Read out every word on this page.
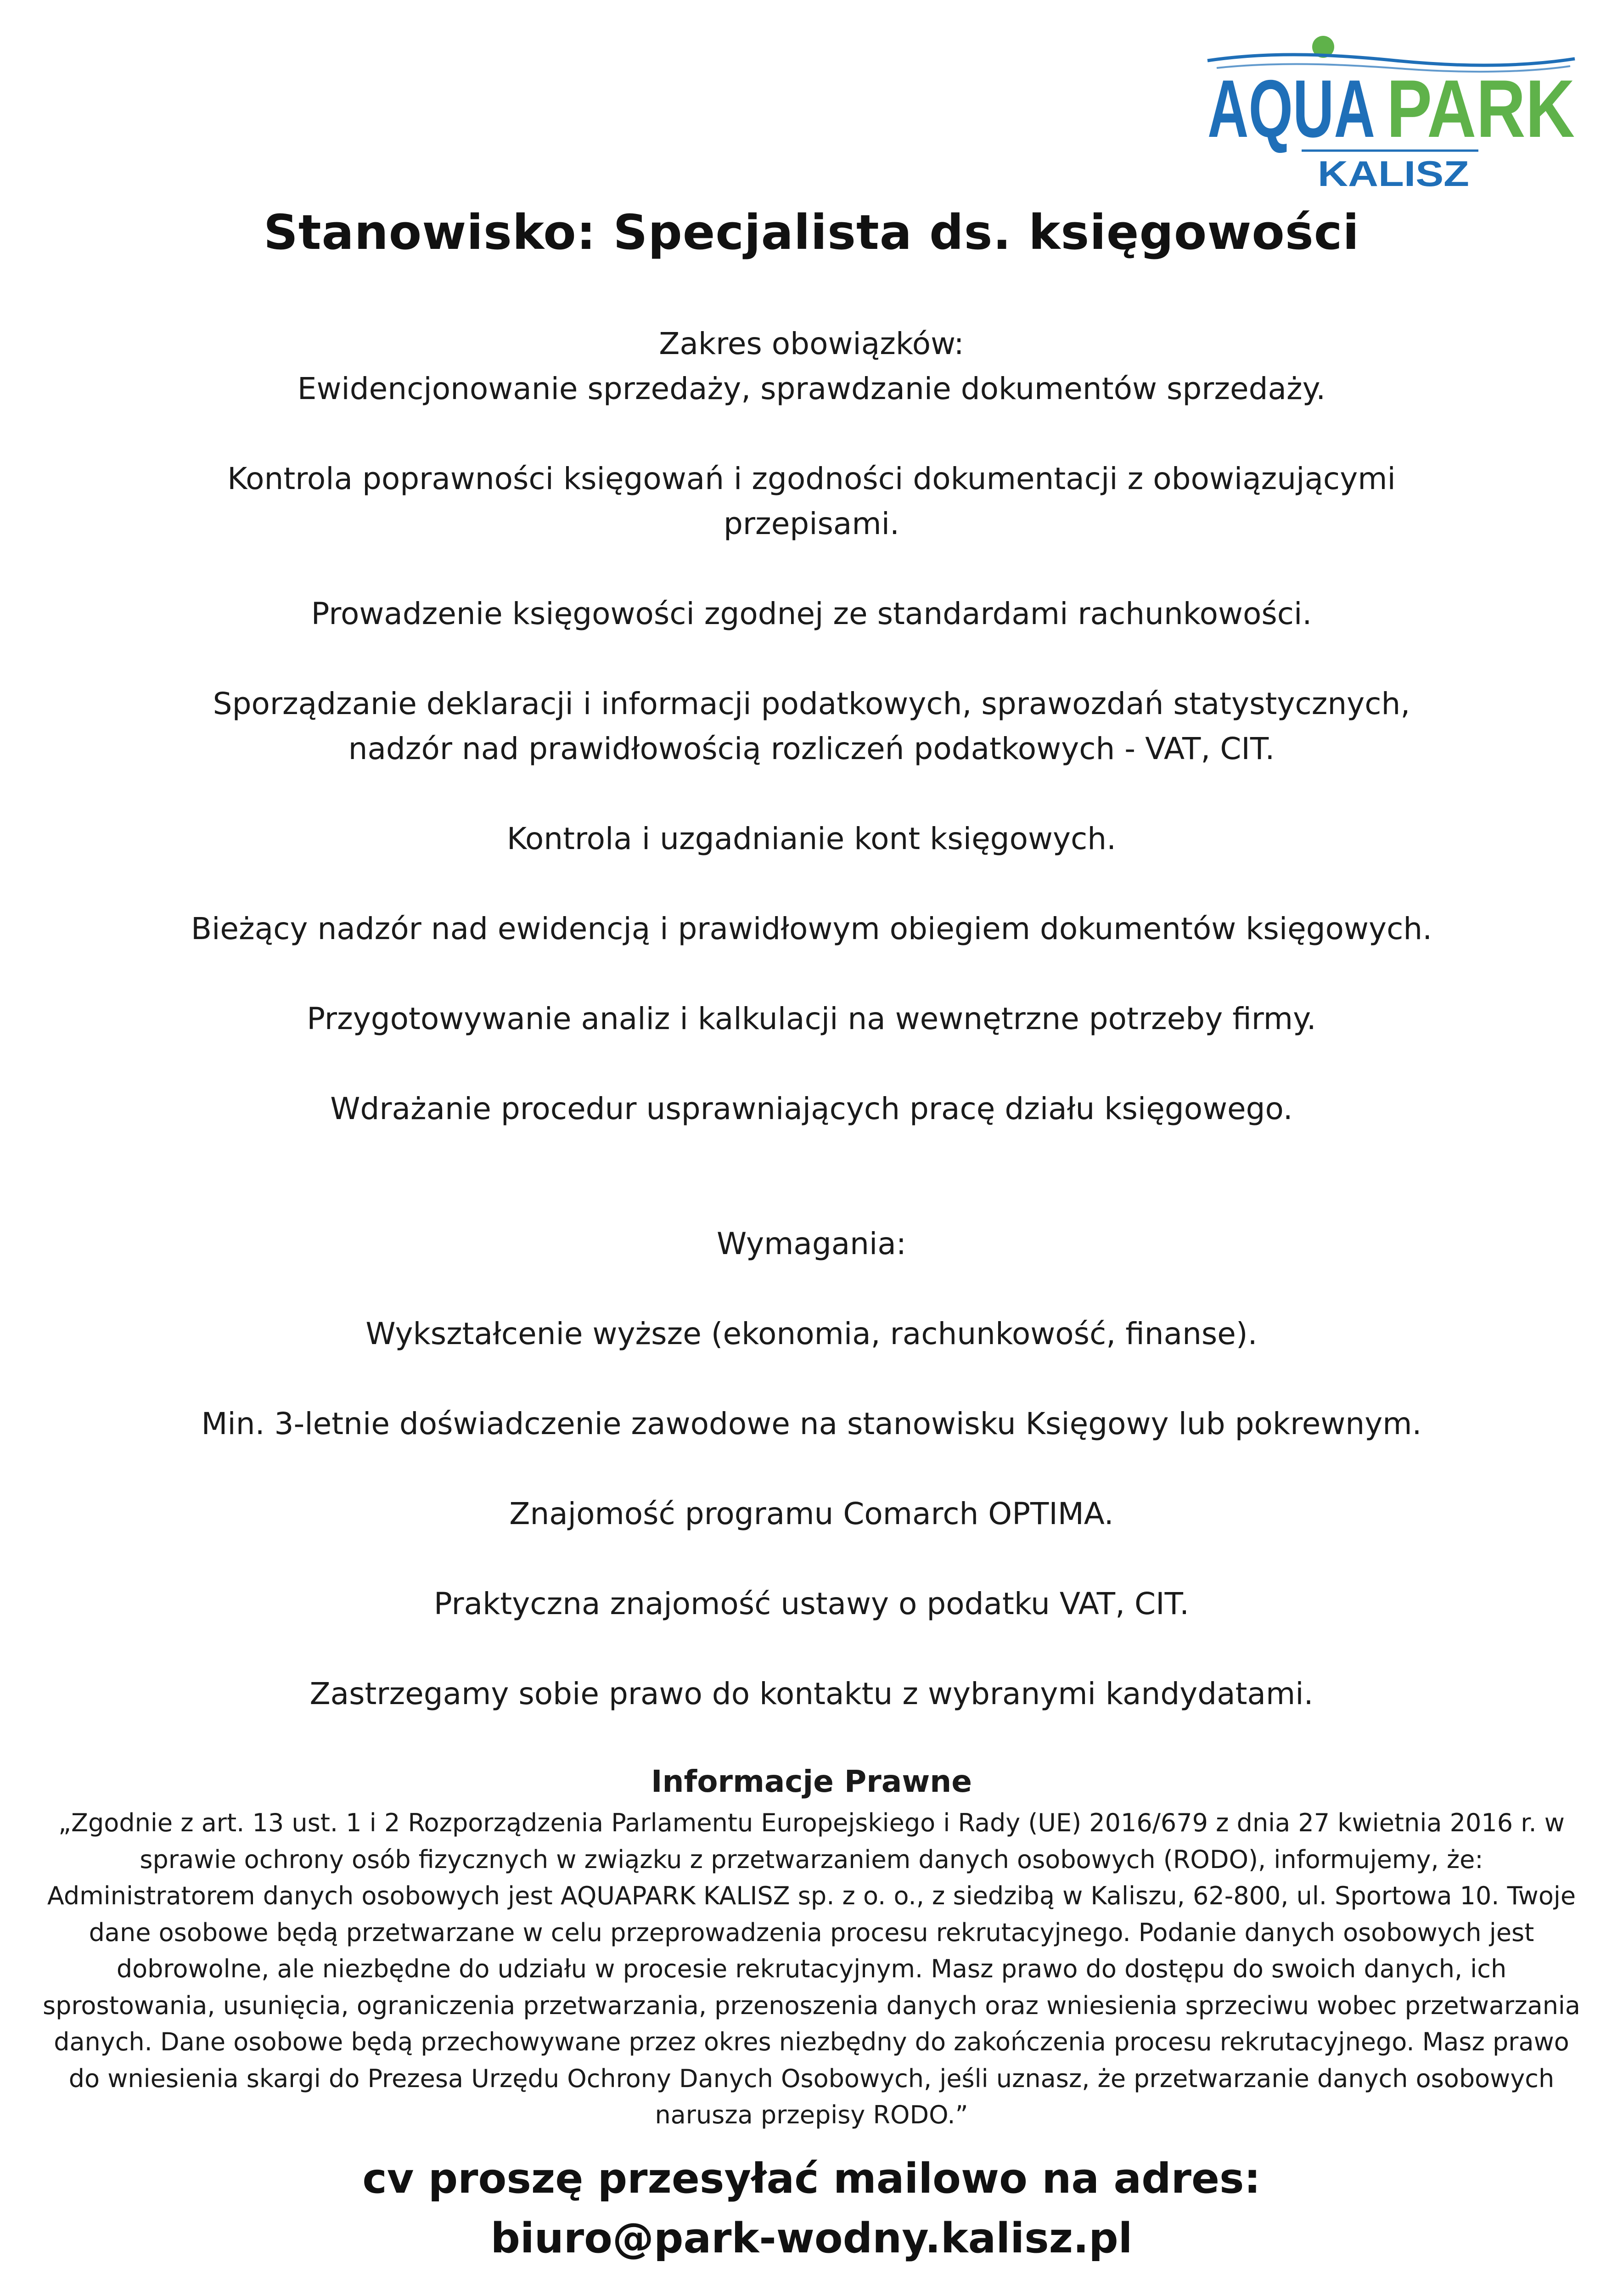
AQUA PARK
KALISZ
Stanowisko: Specjalista ds. księgowości

Zakres obowiązków:

Ewidencjonowanie sprzedaży, sprawdzanie dokumentów sprzedaży.

Kontrola poprawności księgowań i zgodności dokumentacji z obowiązującymi

przepisami.

Prowadzenie księgowości zgodnej ze standardami rachunkowości.

Sporządzanie deklaracji i informacji podatkowych, sprawozdań statystycznych,

nadzór nad prawidłowością rozliczeń podatkowych - VAT, CIT.

Kontrola i uzgadnianie kont księgowych.

Bieżący nadzór nad ewidencją i prawidłowym obiegiem dokumentów księgowych.

Przygotowywanie analiz i kalkulacji na wewnętrzne potrzeby firmy.

Wdrażanie procedur usprawniających pracę działu księgowego.

Wymagania:

Wykształcenie wyższe (ekonomia, rachunkowość, finanse).

Min. 3-letnie doświadczenie zawodowe na stanowisku Księgowy lub pokrewnym.

Znajomość programu Comarch OPTIMA.

Praktyczna znajomość ustawy o podatku VAT, CIT.

Zastrzegamy sobie prawo do kontaktu z wybranymi kandydatami.

Informacje Prawne
„Zgodnie z art. 13 ust. 1 i 2 Rozporządzenia Parlamentu Europejskiego i Rady (UE) 2016/679 z dnia 27 kwietnia 2016 r. w
sprawie ochrony osób fizycznych w związku z przetwarzaniem danych osobowych (RODO), informujemy, że:
Administratorem danych osobowych jest AQUAPARK KALISZ sp. z o. o., z siedzibą w Kaliszu, 62-800, ul. Sportowa 10. Twoje
dane osobowe będą przetwarzane w celu przeprowadzenia procesu rekrutacyjnego. Podanie danych osobowych jest
dobrowolne, ale niezbędne do udziału w procesie rekrutacyjnym. Masz prawo do dostępu do swoich danych, ich
sprostowania, usunięcia, ograniczenia przetwarzania, przenoszenia danych oraz wniesienia sprzeciwu wobec przetwarzania
danych. Dane osobowe będą przechowywane przez okres niezbędny do zakończenia procesu rekrutacyjnego. Masz prawo
do wniesienia skargi do Prezesa Urzędu Ochrony Danych Osobowych, jeśli uznasz, że przetwarzanie danych osobowych
narusza przepisy RODO.”
cv proszę przesyłać mailowo na adres:
biuro@park-wodny.kalisz.pl
